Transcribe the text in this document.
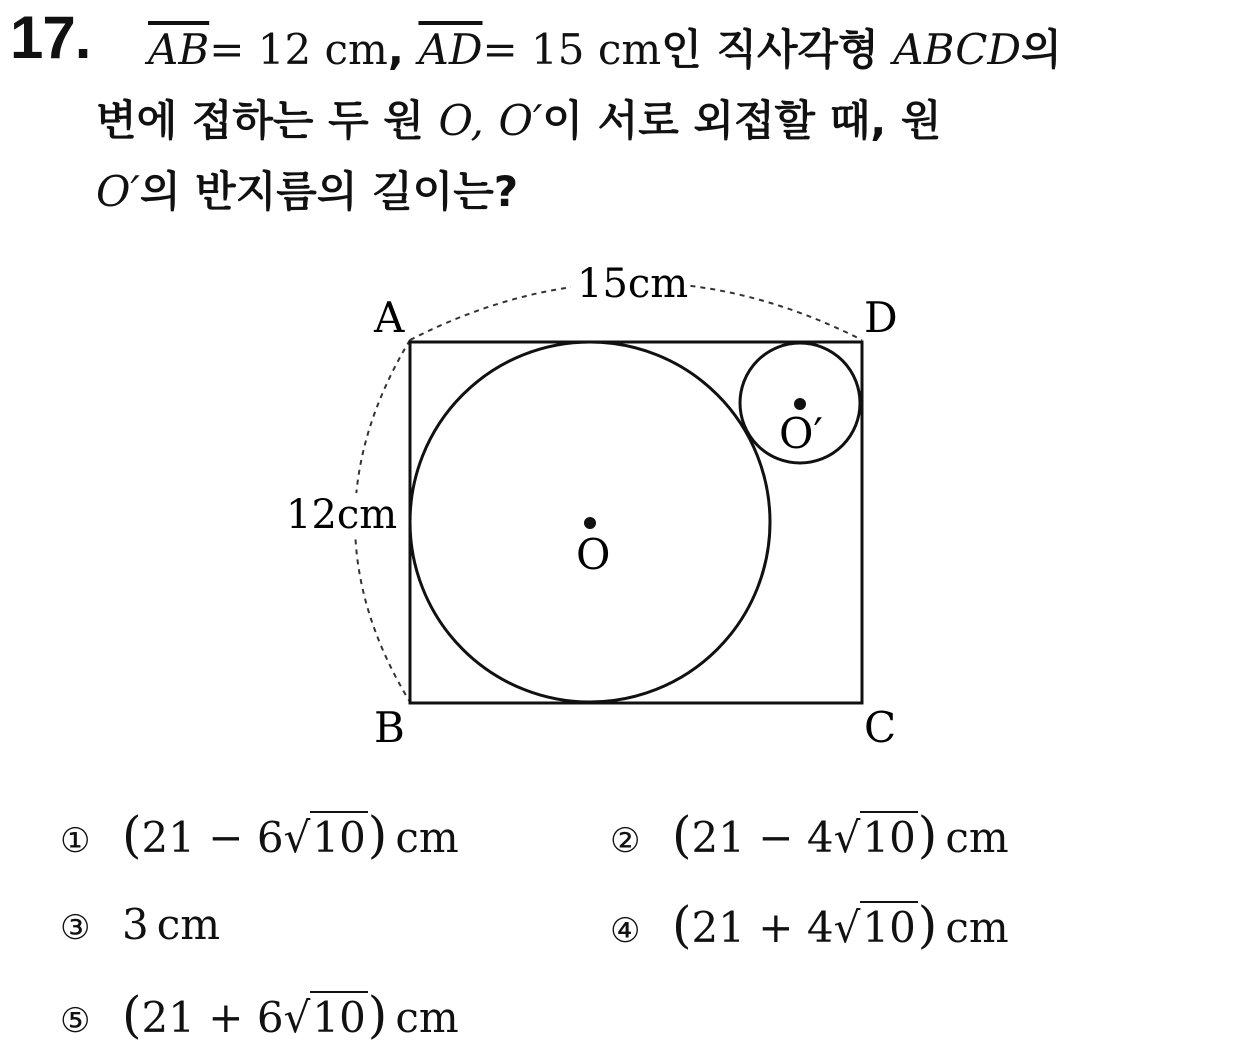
17. $\overline{AB}= 12$ cm, $\overline{AD}= 15$ cm인 직사각형 ABCD의
변에 접하는 두 원 O, O′이 서로 외접할 때, 원
O′의 반지름의 길이는?
A
B	C
D
O
O′
15cm
12cm
① (21 − 6√10) cm	② (21 − 4√10) cm
③ 3 cm	④ (21 + 4√10) cm
⑤ (21 + 6√10) cm
